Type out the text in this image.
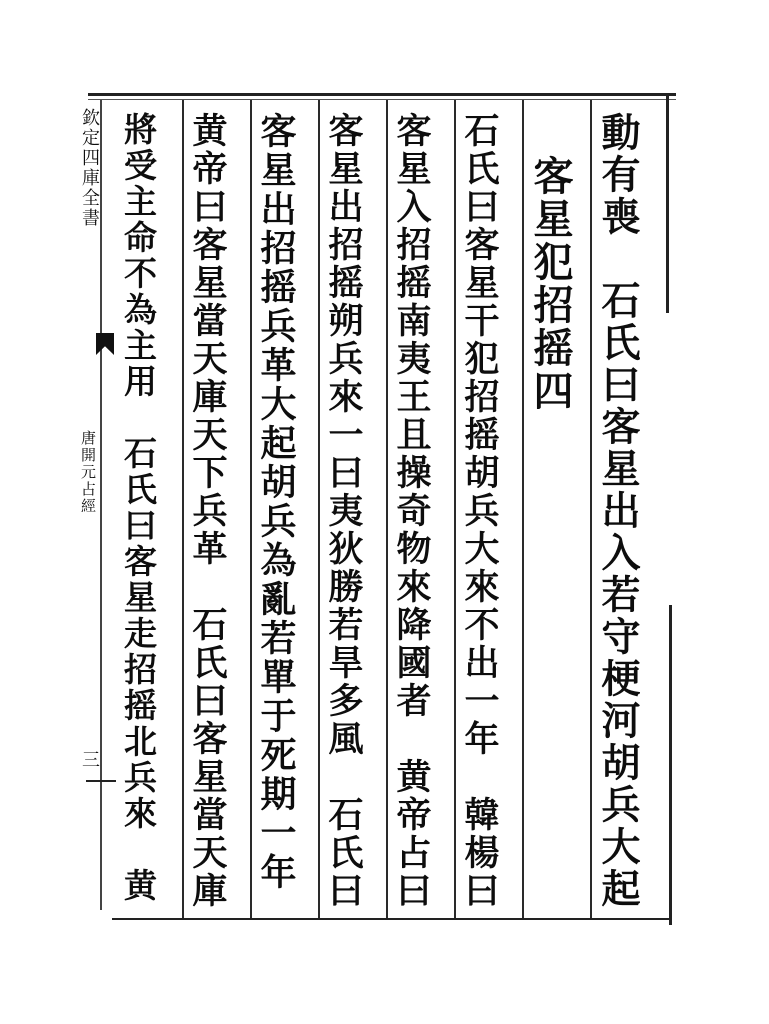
欽定四庫全書
唐開元占經
三	動有喪　石氏曰客星出入若守梗河胡兵大起
　客星犯招摇四
石氏曰客星干犯招摇胡兵大來不出一年　韓楊曰
客星入招摇南夷王且操奇物來降國者　黄帝占曰
客星出招摇朔兵來一曰夷狄勝若旱多風　石氏曰
客星出招摇兵革大起胡兵為亂若單于死期一年
黄帝曰客星當天庫天下兵革　石氏曰客星當天庫
將受主命不為主用　石氏曰客星走招摇北兵來　黄
